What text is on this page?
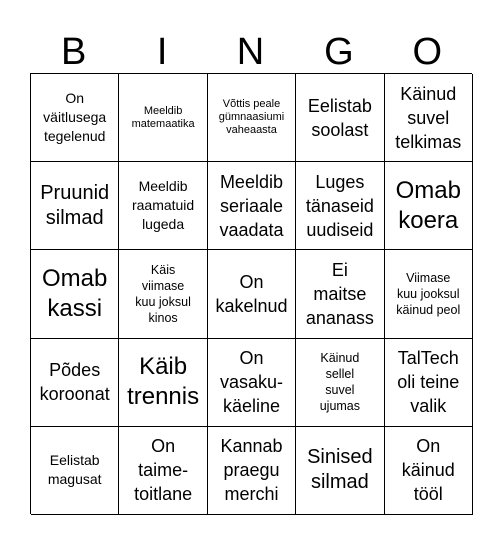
B	I	N	G	O
On
väitlusega
tegelenud
Meeldib
matemaatika
Võttis peale
gümnaasiumi
vaheaasta
Eelistab
soolast
Käinud
suvel
telkimas
Pruunid
silmad
Meeldib
raamatuid
lugeda
Meeldib
seriaale
vaadata
Luges
tänaseid
uudiseid
Omab
koera
Omab
kassi
Käis
viimase
kuu joksul
kinos
On
kakelnud
Ei
maitse
ananass
Viimase
kuu jooksul
käinud peol
Põdes
koroonat
Käib
trennis
On
vasaku-
käeline
Käinud
sellel
suvel
ujumas
TalTech
oli teine
valik
Eelistab
magusat
On
taime-
toitlane
Kannab
praegu
merchi
Sinised
silmad
On
käinud
tööl
